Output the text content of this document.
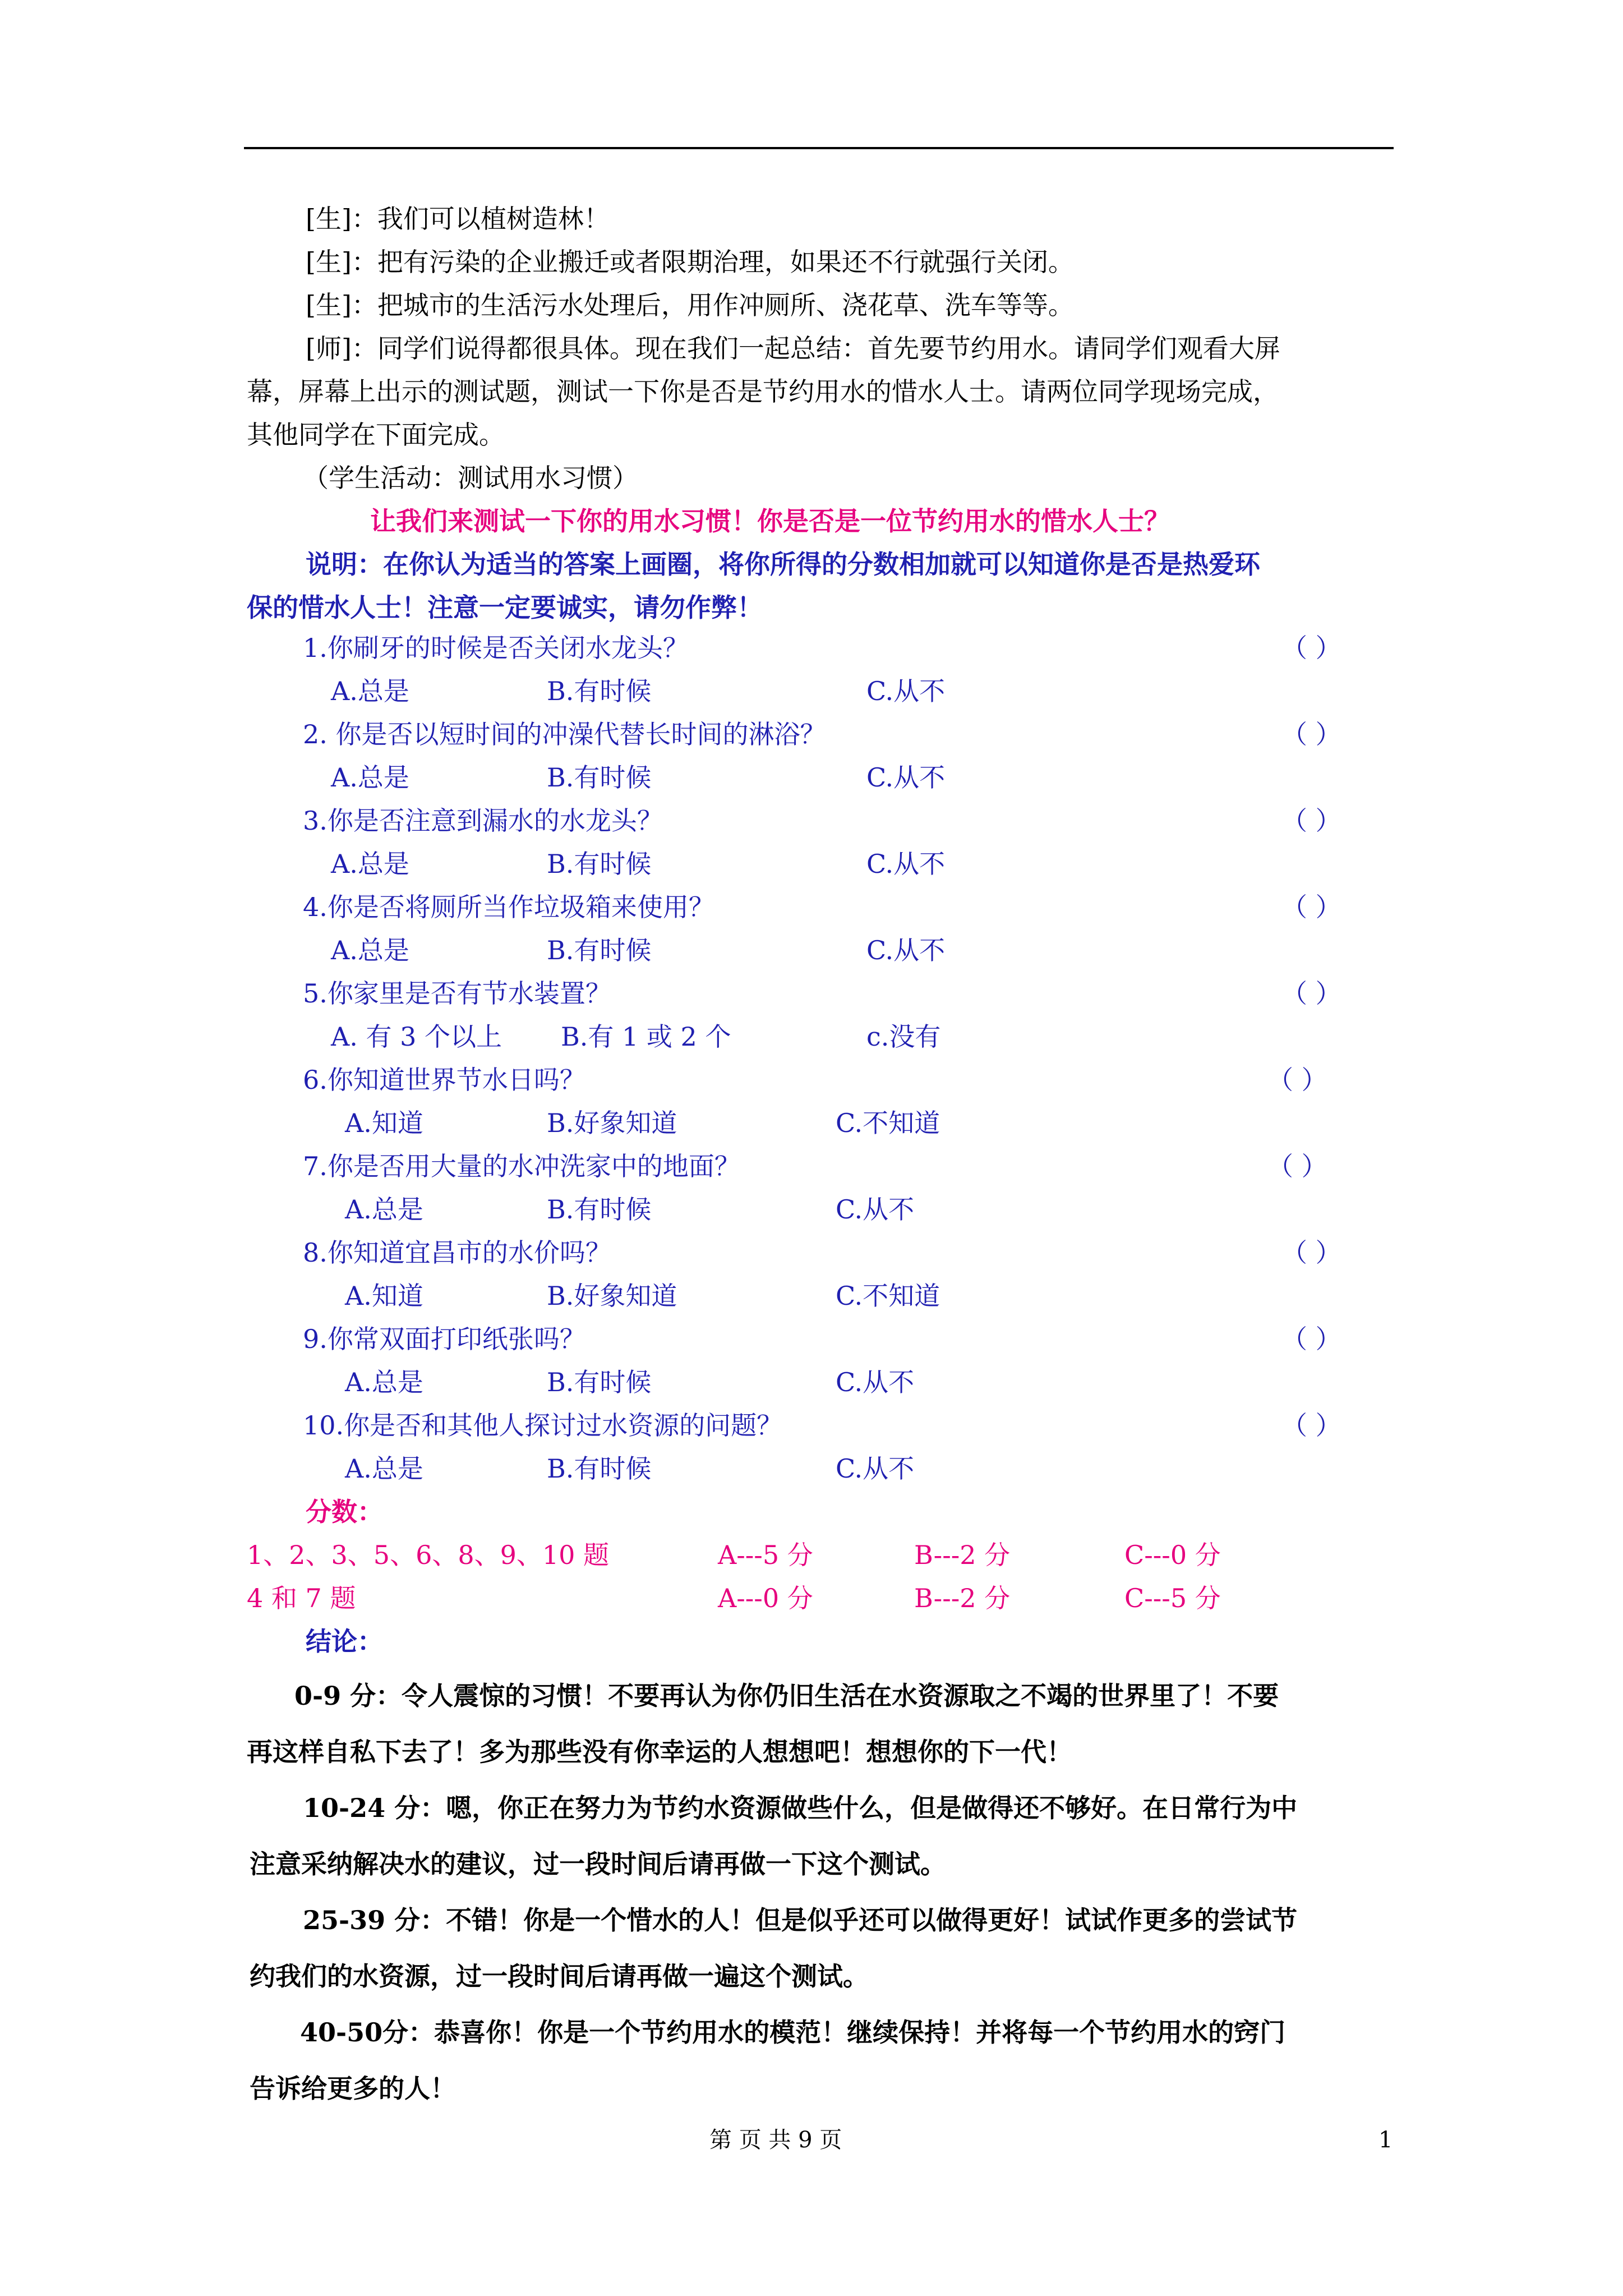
[生]：我们可以植树造林！
[生]：把有污染的企业搬迁或者限期治理，如果还不行就强行关闭。
[生]：把城市的生活污水处理后，用作冲厕所、浇花草、洗车等等。
[师]：同学们说得都很具体。现在我们一起总结：首先要节约用水。请同学们观看大屏
幕，屏幕上出示的测试题，测试一下你是否是节约用水的惜水人士。请两位同学现场完成，
其他同学在下面完成。
（学生活动：测试用水习惯）
让我们来测试一下你的用水习惯！你是否是一位节约用水的惜水人士？
说明：在你认为适当的答案上画圈，将你所得的分数相加就可以知道你是否是热爱环
保的惜水人士！注意一定要诚实，请勿作弊！
1.你刷牙的时候是否关闭水龙头？	（ ）
A.总是	B.有时候	C.从不
2. 你是否以短时间的冲澡代替长时间的淋浴？	（ ）
A.总是	B.有时候	C.从不
3.你是否注意到漏水的水龙头？	（ ）
A.总是	B.有时候	C.从不
4.你是否将厕所当作垃圾箱来使用？	（ ）
A.总是	B.有时候	C.从不
5.你家里是否有节水装置？	（ ）
A. 有 3 个以上 B.有 1 或 2 个	c.没有
6.你知道世界节水日吗？	（ ）
A.知道	B.好象知道	C.不知道
7.你是否用大量的水冲洗家中的地面？	（ ）
A.总是	B.有时候	C.从不
8.你知道宜昌市的水价吗？	（ ）
A.知道	B.好象知道	C.不知道
9.你常双面打印纸张吗？	（ ）
A.总是	B.有时候	C.从不
10.你是否和其他人探讨过水资源的问题？	（ ）
A.总是	B.有时候	C.从不
分数：
1、2、3、5、6、8、9、10 题	A---5 分	B---2 分	C---0 分
4 和 7 题	A---0 分	B---2 分	C---5 分
结论：
0-9 分：令人震惊的习惯！不要再认为你仍旧生活在水资源取之不竭的世界里了！不要
再这样自私下去了！多为那些没有你幸运的人想想吧！想想你的下一代！
10-24 分：嗯，你正在努力为节约水资源做些什么，但是做得还不够好。在日常行为中
注意采纳解决水的建议，过一段时间后请再做一下这个测试。
25-39 分：不错！你是一个惜水的人！但是似乎还可以做得更好！试试作更多的尝试节
约我们的水资源，过一段时间后请再做一遍这个测试。
40-50分：恭喜你！你是一个节约用水的模范！继续保持！并将每一个节约用水的窍门
告诉给更多的人！
第 页 共 9 页	1
